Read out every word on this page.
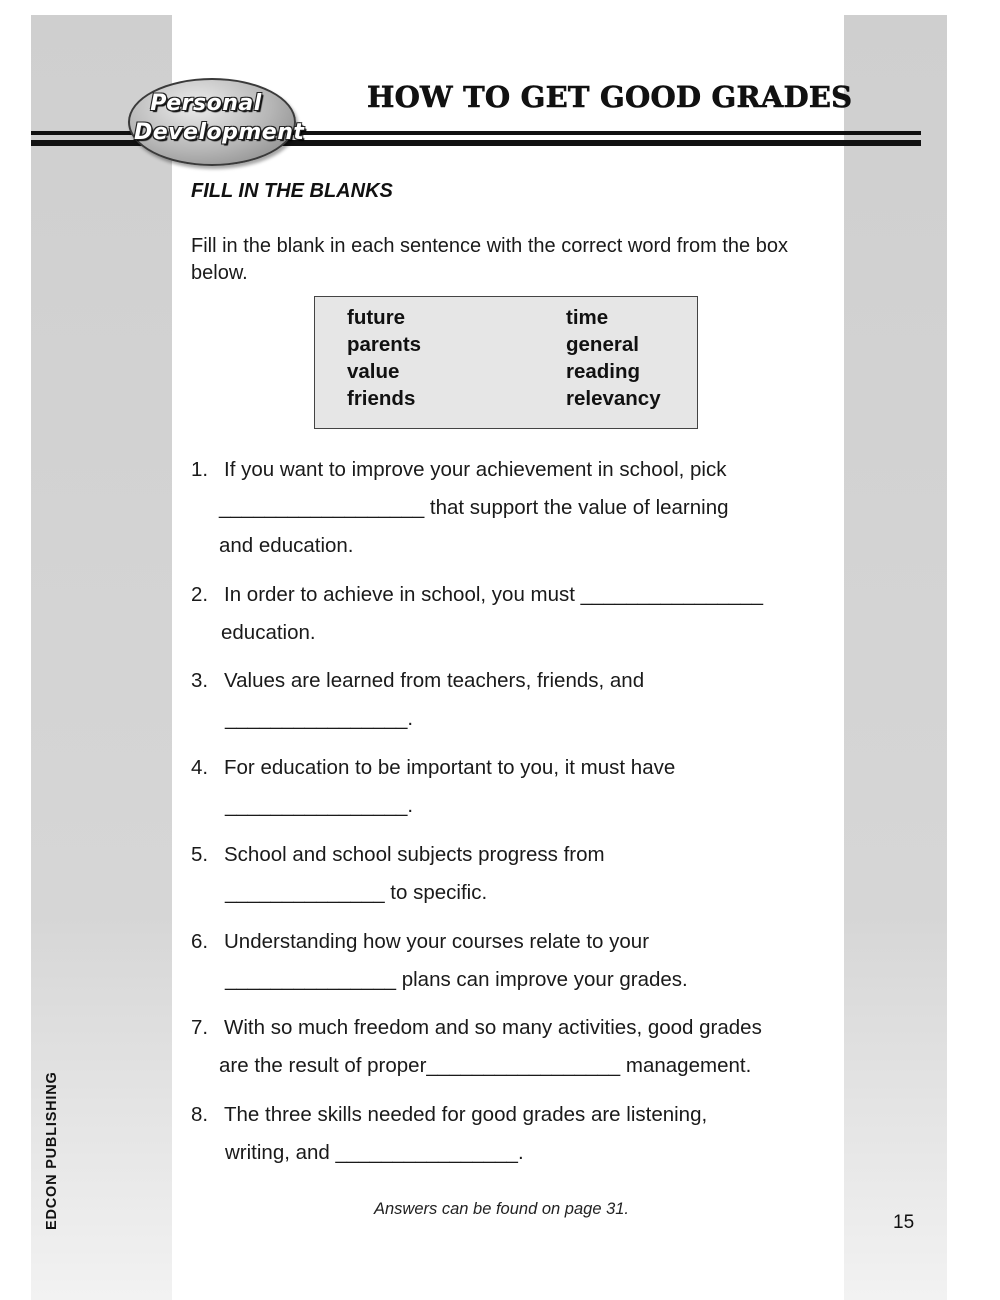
Personal
Development
HOW TO GET GOOD GRADES
FILL IN THE BLANKS
Fill in the blank in each sentence with the correct word from the box below.
future
parents
value
friends
time
general
reading
relevancy
1. If you want to improve your achievement in school, pick
__________________ that support the value of learning
and education.
2. In order to achieve in school, you must ________________
education.
3. Values are learned from teachers, friends, and
________________.
4. For education to be important to you, it must have
________________.
5. School and school subjects progress from
______________ to specific.
6. Understanding how your courses relate to your
_______________ plans can improve your grades.
7. With so much freedom and so many activities, good grades
are the result of proper_________________ management.
8. The three skills needed for good grades are listening,
writing, and ________________.
EDCON PUBLISHING	Answers can be found on page 31.
15
